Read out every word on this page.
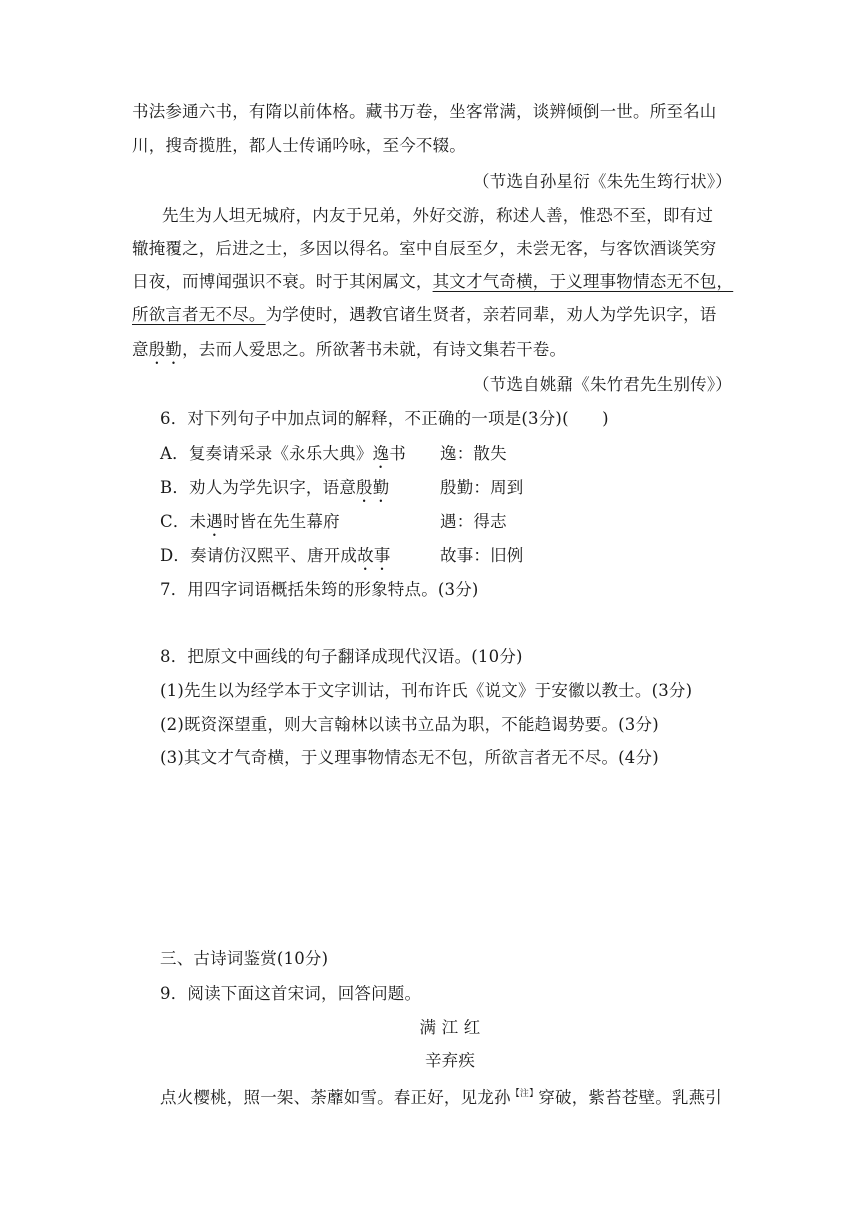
书法参通六书，有隋以前体格。藏书万卷，坐客常满，谈辨倾倒一世。所至名山
川，搜奇揽胜，都人士传诵吟咏，至今不辍。
（节选自孙星衍《朱先生筠行状》）
先生为人坦无城府，内友于兄弟，外好交游，称述人善，惟恐不至，即有过
辙掩覆之，后进之士，多因以得名。室中自辰至夕，未尝无客，与客饮酒谈笑穷
日夜，而博闻强识不衰。时于其闲属文，其文才气奇横，于义理事物情态无不包，
所欲言者无不尽。为学使时，遇教官诸生贤者，亲若同辈，劝人为学先识字，语
意殷勤，去而人爱思之。所欲著书未就，有诗文集若干卷。
（节选自姚鼐《朱竹君先生别传》）
6．对下列句子中加点词的解释，不正确的一项是(3分)(　　)
A．复奏请采录《永乐大典》逸书	逸：散失
B．劝人为学先识字，语意殷勤	殷勤：周到
C．未遇时皆在先生幕府	遇：得志
D．奏请仿汉熙平、唐开成故事	故事：旧例
7．用四字词语概括朱筠的形象特点。(3分)
8．把原文中画线的句子翻译成现代汉语。(10分)
(1)先生以为经学本于文字训诂，刊布许氏《说文》于安徽以教士。(3分)
(2)既资深望重，则大言翰林以读书立品为职，不能趋谒势要。(3分)
(3)其文才气奇横，于义理事物情态无不包，所欲言者无不尽。(4分)
三、古诗词鉴赏(10分)
9．阅读下面这首宋词，回答问题。
满 江 红
辛弃疾
点火樱桃，照一架、荼蘼如雪。春正好，见龙孙$^{【注】}$穿破，紫苔苍壁。乳燕引
